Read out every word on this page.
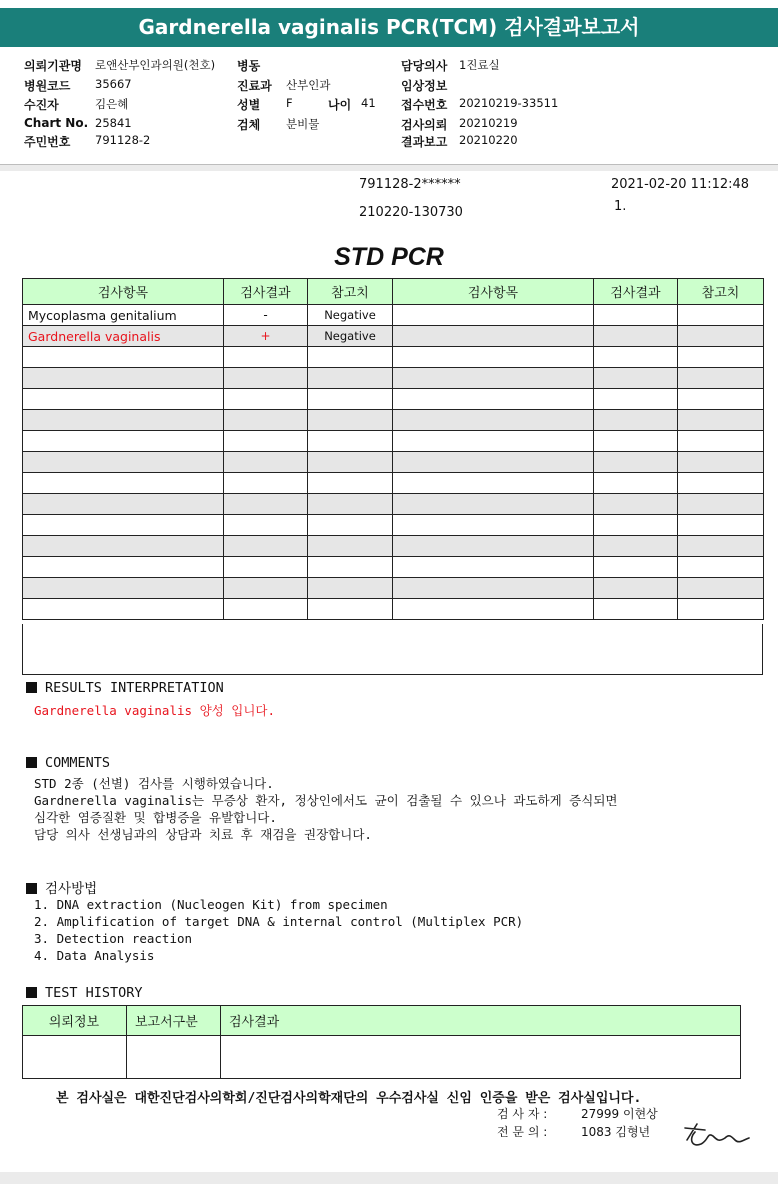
Gardnerella vaginalis PCR(TCM) 검사결과보고서
의뢰기관명 로앤산부인과의원(천호)
병원코드 35667
수진자	김은혜
Chart No. 25841
주민번호 791128-2
병동
진료과 산부인과
성별 F	나이 41
검체 분비물
담당의사 1진료실
임상정보
접수번호 20210219-33511
검사의뢰 20210219
결과보고 20210220
791128-2******
210220-130730
2021-02-20 11:12:48
1.
STD PCR
검사항목	검사결과	참고치	검사항목	검사결과	참고치
Mycoplasma genitalium	-	Negative			
Gardnerella vaginalis	+	Negative			

RESULTS INTERPRETATION
Gardnerella vaginalis 양성 입니다.
COMMENTS
STD 2종 (선별) 검사를 시행하였습니다.
Gardnerella vaginalis는 무증상 환자, 정상인에서도 균이 검출될 수 있으나 과도하게 증식되면
심각한 염증질환 및 합병증을 유발합니다.
담당 의사 선생님과의 상담과 치료 후 재검을 권장합니다.
검사방법
1. DNA extraction (Nucleogen Kit) from specimen
2. Amplification of target DNA & internal control (Multiplex PCR)
3. Detection reaction
4. Data Analysis
TEST HISTORY
의뢰정보	보고서구분	검사결과

본 검사실은 대한진단검사의학회/진단검사의학재단의 우수검사실 신임 인증을 받은 검사실입니다.
검 사 자 :	27999 이현상
전 문 의 :	1083 김형년
